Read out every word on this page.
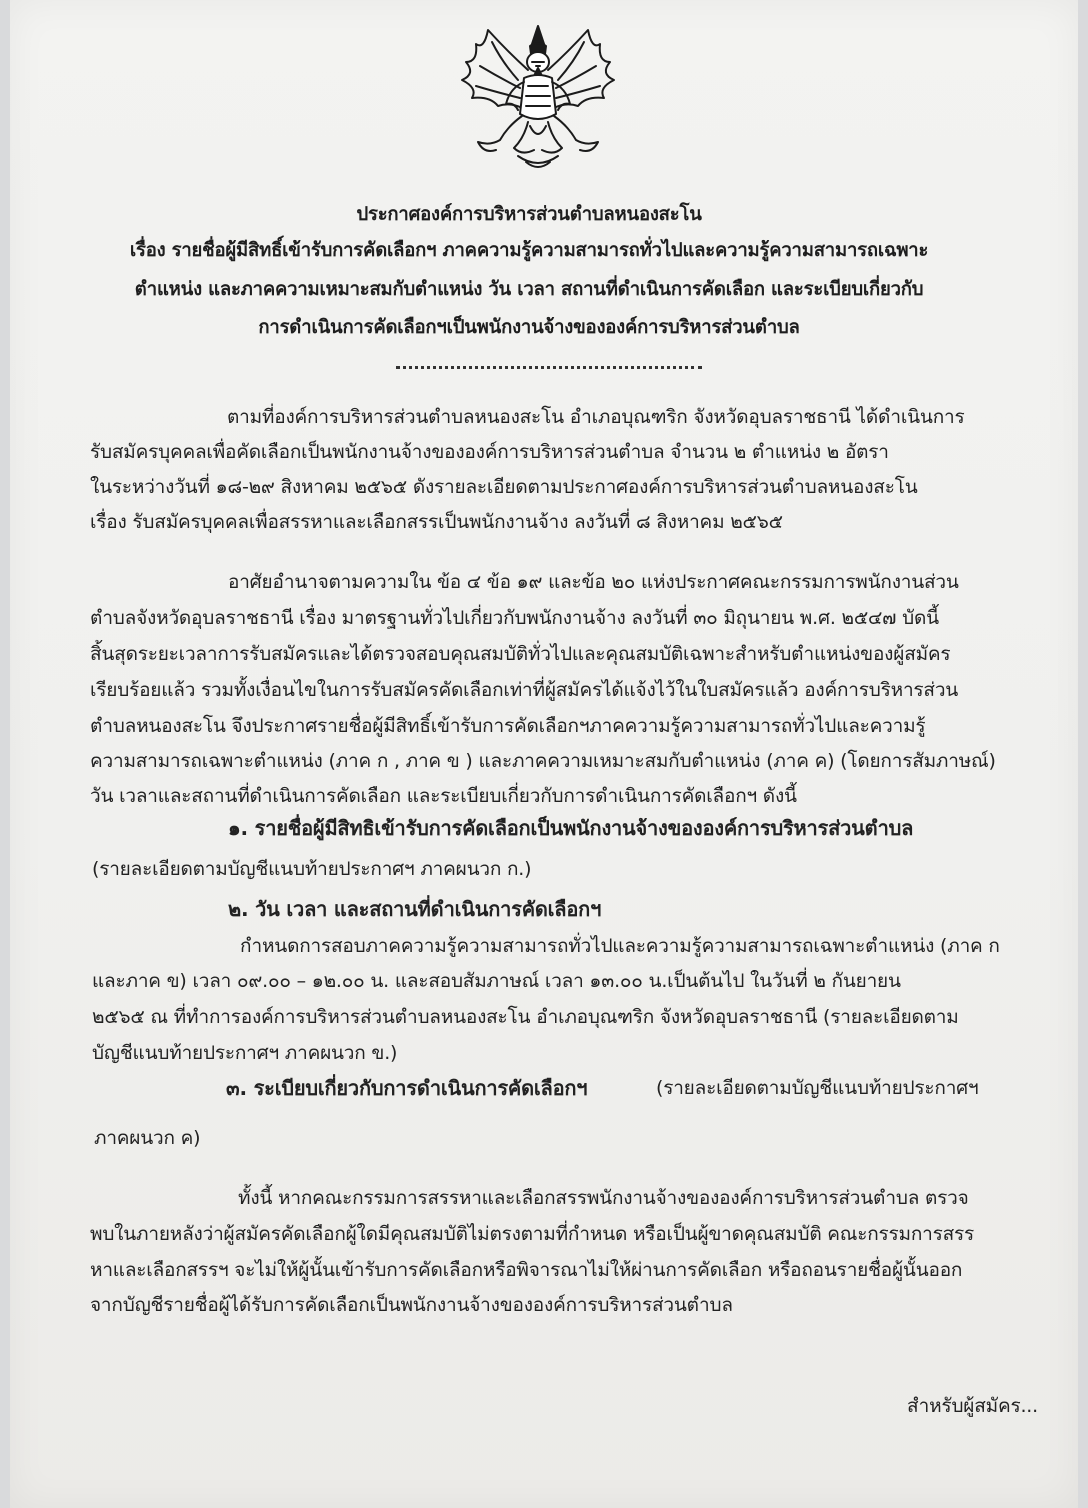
ประกาศองค์การบริหารส่วนตำบลหนองสะโน

เรื่อง รายชื่อผู้มีสิทธิ์เข้ารับการคัดเลือกฯ ภาคความรู้ความสามารถทั่วไปและความรู้ความสามารถเฉพาะ

ตำแหน่ง และภาคความเหมาะสมกับตำแหน่ง วัน เวลา สถานที่ดำเนินการคัดเลือก และระเบียบเกี่ยวกับ

การดำเนินการคัดเลือกฯเป็นพนักงานจ้างขององค์การบริหารส่วนตำบล

ตามที่องค์การบริหารส่วนตำบลหนองสะโน อำเภอบุณฑริก จังหวัดอุบลราชธานี ได้ดำเนินการ

รับสมัครบุคคลเพื่อคัดเลือกเป็นพนักงานจ้างขององค์การบริหารส่วนตำบล จำนวน ๒ ตำแหน่ง ๒ อัตรา

ในระหว่างวันที่ ๑๘-๒๙ สิงหาคม ๒๕๖๕ ดังรายละเอียดตามประกาศองค์การบริหารส่วนตำบลหนองสะโน

เรื่อง รับสมัครบุคคลเพื่อสรรหาและเลือกสรรเป็นพนักงานจ้าง ลงวันที่ ๘ สิงหาคม ๒๕๖๕

อาศัยอำนาจตามความใน ข้อ ๔ ข้อ ๑๙ และข้อ ๒๐ แห่งประกาศคณะกรรมการพนักงานส่วน

ตำบลจังหวัดอุบลราชธานี เรื่อง มาตรฐานทั่วไปเกี่ยวกับพนักงานจ้าง ลงวันที่ ๓๐ มิถุนายน พ.ศ. ๒๕๔๗ บัดนี้

สิ้นสุดระยะเวลาการรับสมัครและได้ตรวจสอบคุณสมบัติทั่วไปและคุณสมบัติเฉพาะสำหรับตำแหน่งของผู้สมัคร

เรียบร้อยแล้ว รวมทั้งเงื่อนไขในการรับสมัครคัดเลือกเท่าที่ผู้สมัครได้แจ้งไว้ในใบสมัครแล้ว องค์การบริหารส่วน

ตำบลหนองสะโน จึงประกาศรายชื่อผู้มีสิทธิ์เข้ารับการคัดเลือกฯภาคความรู้ความสามารถทั่วไปและความรู้

ความสามารถเฉพาะตำแหน่ง (ภาค ก , ภาค ข ) และภาคความเหมาะสมกับตำแหน่ง (ภาค ค) (โดยการสัมภาษณ์)

วัน เวลาและสถานที่ดำเนินการคัดเลือก และระเบียบเกี่ยวกับการดำเนินการคัดเลือกฯ ดังนี้

๑. รายชื่อผู้มีสิทธิเข้ารับการคัดเลือกเป็นพนักงานจ้างขององค์การบริหารส่วนตำบล

(รายละเอียดตามบัญชีแนบท้ายประกาศฯ ภาคผนวก ก.)

๒. วัน เวลา และสถานที่ดำเนินการคัดเลือกฯ

กำหนดการสอบภาคความรู้ความสามารถทั่วไปและความรู้ความสามารถเฉพาะตำแหน่ง (ภาค ก

และภาค ข) เวลา ๐๙.๐๐ – ๑๒.๐๐ น. และสอบสัมภาษณ์ เวลา ๑๓.๐๐ น.เป็นต้นไป ในวันที่ ๒ กันยายน

๒๕๖๕ ณ ที่ทำการองค์การบริหารส่วนตำบลหนองสะโน อำเภอบุณฑริก จังหวัดอุบลราชธานี (รายละเอียดตาม

บัญชีแนบท้ายประกาศฯ ภาคผนวก ข.)

๓. ระเบียบเกี่ยวกับการดำเนินการคัดเลือกฯ	(รายละเอียดตามบัญชีแนบท้ายประกาศฯ

ภาคผนวก ค)

ทั้งนี้ หากคณะกรรมการสรรหาและเลือกสรรพนักงานจ้างขององค์การบริหารส่วนตำบล ตรวจ

พบในภายหลังว่าผู้สมัครคัดเลือกผู้ใดมีคุณสมบัติไม่ตรงตามที่กำหนด หรือเป็นผู้ขาดคุณสมบัติ คณะกรรมการสรร

หาและเลือกสรรฯ จะไม่ให้ผู้นั้นเข้ารับการคัดเลือกหรือพิจารณาไม่ให้ผ่านการคัดเลือก หรือถอนรายชื่อผู้นั้นออก

จากบัญชีรายชื่อผู้ได้รับการคัดเลือกเป็นพนักงานจ้างขององค์การบริหารส่วนตำบล

สำหรับผู้สมัคร...
